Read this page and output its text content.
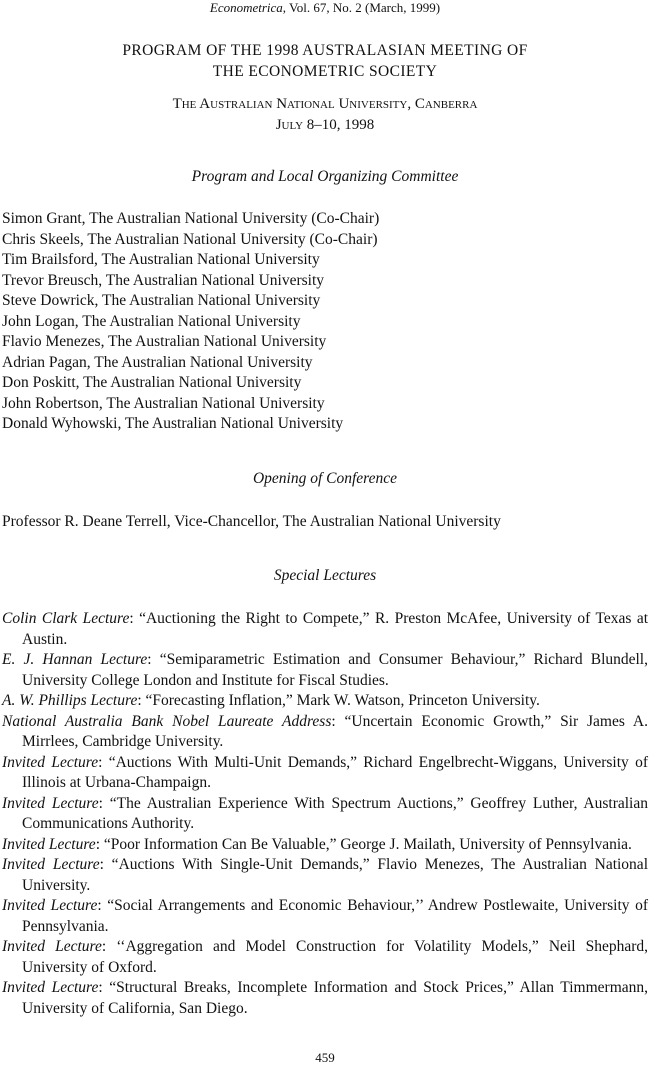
Econometrica, Vol. 67, No. 2 (March, 1999)
PROGRAM OF THE 1998 AUSTRALASIAN MEETING OF
THE ECONOMETRIC SOCIETY
The Australian National University, Canberra
July 8–10, 1998
Program and Local Organizing Committee
Simon Grant, The Australian National University (Co-Chair)
Chris Skeels, The Australian National University (Co-Chair)
Tim Brailsford, The Australian National University
Trevor Breusch, The Australian National University
Steve Dowrick, The Australian National University
John Logan, The Australian National University
Flavio Menezes, The Australian National University
Adrian Pagan, The Australian National University
Don Poskitt, The Australian National University
John Robertson, The Australian National University
Donald Wyhowski, The Australian National University
Opening of Conference
Professor R. Deane Terrell, Vice-Chancellor, The Australian National University
Special Lectures
Colin Clark Lecture: “Auctioning the Right to Compete,” R. Preston McAfee, University of Texas at Austin.
E. J. Hannan Lecture: “Semiparametric Estimation and Consumer Behaviour,” Richard Blundell, University College London and Institute for Fiscal Studies.
A. W. Phillips Lecture: “Forecasting Inflation,” Mark W. Watson, Princeton University.
National Australia Bank Nobel Laureate Address: “Uncertain Economic Growth,” Sir James A. Mirrlees, Cambridge University.
Invited Lecture: “Auctions With Multi-Unit Demands,” Richard Engelbrecht-Wiggans, University of Illinois at Urbana-Champaign.
Invited Lecture: “The Australian Experience With Spectrum Auctions,” Geoffrey Luther, Australian Communications Authority.
Invited Lecture: “Poor Information Can Be Valuable,” George J. Mailath, University of Pennsylvania.
Invited Lecture: “Auctions With Single-Unit Demands,” Flavio Menezes, The Australian National University.
Invited Lecture: “Social Arrangements and Economic Behaviour,’’ Andrew Postlewaite, University of Pennsylvania.
Invited Lecture: ‘‘Aggregation and Model Construction for Volatility Models,” Neil Shephard, University of Oxford.
Invited Lecture: “Structural Breaks, Incomplete Information and Stock Prices,” Allan Timmermann, University of California, San Diego.
459
